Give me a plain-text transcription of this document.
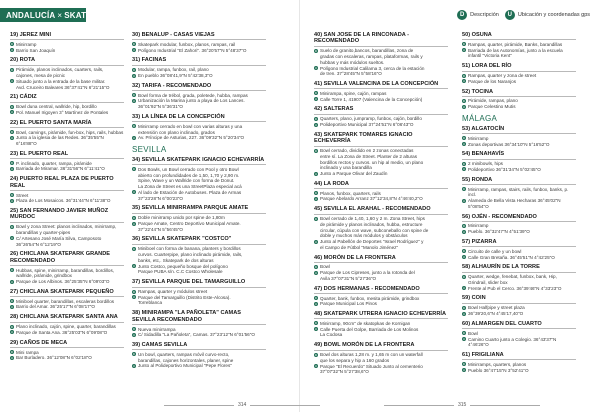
ANDALUCÍA × SKATE	D	Descripción	U	Ubicación y coordenadas gps
19) JEREZ MINI
D Minirramp
U Barrio San Joaquín
20) ROTA
D Pirámide, planos inclinados, cuarters, rails,
cajones, mesa de picnic
U Situado junto a la entrada de la base militar.
Avd. Cruceiro Baleares 36°37'41"N 6°21'15"O
21) CÁDIZ
D Bowl duna central, wallride, hip, bordillo
U Pol. Manuel Irigoyen 3° Martínez de Pontales
22) EL PUERTO SANTA MARÍA
D Bowl, carvings, pirámide, fun-box, hips, rails, hubbas
U Junto a la iglesia de las Redes. 36°35'55"N 6°16'88"O
23) EL PUERTO REAL
D P. inclinado, quarter, rampa, pirámide
U Barriada de Miramar. 36°31'56"N 6°11'41"O
24) PUERTO REAL PLAZA DE PUERTO REAL
D Street
U Plaza de Los Mosaicos. 36°31'44"N 6°11'38"O
25) SAN FERNANDO JAVIER MUÑOZ MURDOC
D Bowl y zona Street: planos inclinados, minirramp,
barandillas y quarter-pipes
U C/ Artesano José María Silva, Camposoto
36°26'54"N 6°12'19"O
26) CHICLANA SKATEPARK GRANDE RECOMENDADO
D Hubbas, spine, minirramp, barandillas, bordillos,
wallride, pirámide, grindbox
U Parque de Los Albinos. 36°25'35"N 6°09'03"O
27) CHICLANA SKATEPARK PEQUEÑO
D Miniboel quarter, barandillas, escaleras bordillos
U Barrio del Amar. 36°25'17"N 6°08'17"O
28) CHICLANA SKATEPARK SANTA ANA
D Plano inclinado, cajón, spine, quarter, barandillas
U Parque de Santa Ana. 36°25'03"N 6°09'08"O
29) CAÑOS DE MECA
D Mini rampa
U Bar Burladero. 36°12'08"N 6°02'18"O
30) BENALUP - CASAS VIEJAS
D Skatepark modular, funbox, planos, rampas, rail
U Polígono Industrial "El Zahori". 36°20'57"N 5°48'37"O
31) FACINAS
D Modular, rampa, funbox, rail, plano
U En pueblo 36°08'41,9"N 5°42'38,3"O
32) TARIFA - RECOMENDADO
D Bowl forma de trébol, grada, poletede, hubba, rampas
U Urbanización la Marina junto a playa de Los Lances.
36°01'92"N 5°36'31"O
33) LA LÍNEA DE LA CONCEPCIÓN
D Minirramp cerrado en bowl con varias alturas y una
extensión con plano inclinado, grados
U Av. Príncipe de Asturias, 227. 36°09'32"N 5°20'34"O
SEVILLA
34) SEVILLA SKATEPARK IGNACIO ECHEVARRÍA
D Dos Bowls, un Bowl cerrado con Pool y otro Bowl
abierto con profundidades de 1,50, 1,70 y 2,90 m.
Spine, Wave y un Wallride con forma de Donut.
La Zona de Street es una StreetPlaza especial acá
U Al lado de Estación de Autobuses. Plaza de Armas
37°23'28"N 6°00'23"O
35) SEVILLA MINIRRAMPA PARQUE AMATE
D Doble minirramp unido por spine de 1,80m
U Parque Amate, Centro Deportivo Municipal Amate.
37°22'44"N 5°56'45"O
36) SEVILLA SKATEPARK "COSTCO"
D Miniboel con forma de banana, planters y bordillos
curvos. Cuarterpipe, plano inclinado pirámide, rails,
banks, etc,. Skatepark de dos alturas
U Junto Costco, pequeño bosque del polígono
Parque PUBA s/n. C.C Costco Wholesale
37) SEVILLA PARQUE DEL TAMARGUILLO
D Rampas, quarter y módulos street
U Parque del Tamarguillo (Distrito Este-Alcosa).
Torreblanca
38) MINIRAMPA "LA PAÑOLETA" CAMAS SEVILLA RECOMENDADO
D Nueva minirrampa
U C/ Sidadilla "La Pañoleta", Camas. 37°23'12"N 6°01'56"O
39) CAMAS SEVILLA
D Un bowl, quarters, rampas móvil curvo-recto,
barandillas, cajones horizontales, planer, spine
U Junto al Polideportivo Municipal "Pepe Flores"
40) SAN JOSÉ DE LA RINCONADA - RECOMENDADO
D Suelo de granito,bancos, barandillas, zona de
gradas con escaleras, rampas, plataformas, rails y
hubbas y más módulos sueltos.
U Polígono Industrial Calilama 3, cerca de la estación
de tren. 37°28'45"N 5°58'16"O
41) SEVILLA VALENCINA DE LA CONCEPCIÓN
D Minirampa, spine, cajón, rampas
U Calle Torre 1, 41907 (Valencina de la Concepción)
42) SALTERAS
D Quarters, plano, jumpramp, funbox, cajón, bordillo
U Polideportivo Municipal 37°24'51"N 6°06'43"O
43) SKATEPARK TOMARES IGNACIO ECHEVERRÍA
D Bowl cerrado, dividido en 2 zonas conectadas
entre sí. La Zona de Street. Planter de 2 alturas
bordillos rectos y curvos. un hip al medio, un plano
inclinado y una barandilla
U Junto a Parque Olivar del Zaudín
44) LA RODA
D Planos, funbox, quarters, rails
U Parque Abelardo Arranz 37°12'34,8"N 4°46'40,2"O
45) SEVILLA EL ARAHAL - RECOMENDADO
D Bowl cerrado de 1,40, 1,60 y 2 m. Zona Street, hips
de pirámide y planos inclinados, hubba, estructure
circular, cúpula con wave, subconeballo con spine de
doble y muchos más módulos y obstáculos
U Junto al Pabellón de Deportes "Israel Rodríguez" y
el Campo de Fútbol "Manolo Jiménez"
46) MORÓN DE LA FRONTERA
D Bowl
U Parque de Los Cipreses, junto a la rotonda del
Avila 37°07'31"N 5°27'36"O
47) DOS HERMANAS - RECOMENDADO
D Quarter, bank, funbox, mesita pirámide, grindbox
U Parque Municipal Los Pinos
48) SKATEPARK UTRERA IGNACIO ECHEVERRÍA
D Minirramp, 90cm" de skatopkas de Kornigan
U Calle Puerta del Golpe, Barriada de Los Molinos
La Codosa
49) BOWL MORÓN DE LA FRONTERA
D Bowl dos alturas 1,28 m. y 1,65 m con un waterfall
que los separa y hip a 160 grados
U Parque "El Recuerdo" Situado Junto al cementerio
37°07'32"N 5°27'38,6"O
50) OSUNA
D Rampas, quarter, pirámide, Banks, barandillas
U Barriada de las Autonomías, junto a la escuela
infantil "Victoria Kent"
51) LORA DEL RÍO
D Rampas, quarter y zona de street
U Parque de los Naranjos
52) TOCINA
D Pirámide, rampas, plano
U Parque Celestino Mutis
MÁLAGA
53) ALGATOCÍN
D Minirramp
U Zonas deportivas 36°34'10"N 5°16'52"O
54) BENAHAVÍS
D 2 minibowls, hips
U Polideportivo 36°31'34"N 5°02'45"O
55) RONDA
D Minirramp, rampas, stairs, rails, funbox, banks, p. incl.
U Alameda de Bella Vista Hecharas 36°45'02"N 5°08'54"O
56) OJÉN - RECOMENDADO
D Minirramp
U Pueblo. 36°32'47"N 4°51'39"O
57) PIZARRA
D Circuito de calle y un bowl
U Calle Gran Bretaña. 36°45'51"N 4°42'25"O
58) ALHAURÍN DE LA TORRE
D Quarter, wedge, fenebat, funbox, bank, Hip,
Grindrail, slider box
U Frente al Pub el Cerco. 36°39'46"N 4°33'23"O
59) COIN
D Bowl Halfpipe y street plaza
U 36°39'20,6"N 4°45'17,40"O
60) ALMARGEN DEL CUARTO
D Bowl
U Camino Cuarto junto a Colegio. 36°43'37"N 4°46'26"O
61) FRIGILIANA
D Minirramps, quarters, planos
U Pueblo 36°47'15"N 3°52'41"O
314	315
